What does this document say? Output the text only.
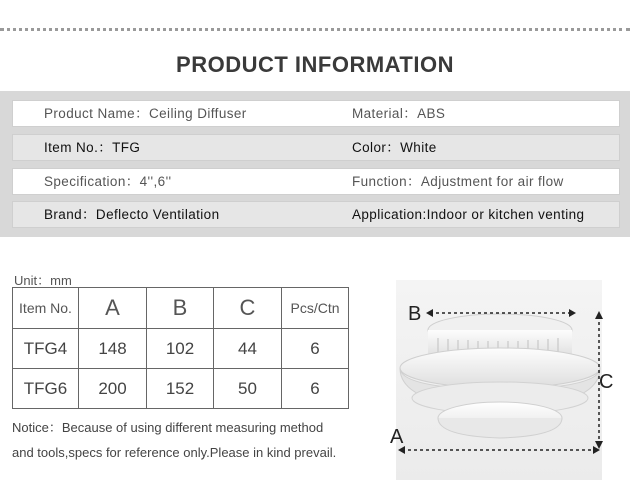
PRODUCT INFORMATION
Product Name：Ceiling Diffuser	Material：ABS
Item No.：TFG	Color：White
Specification：4'',6''	Function：Adjustment for air flow
Brand：Deflecto Ventilation	Application:Indoor or kitchen venting
Unit：mm
Item No.	A	B	C	Pcs/Ctn
TFG4	148	102	44	6
TFG6	200	152	50	6
Notice：Because of using different measuring method
and tools,specs for reference only.Please in kind prevail.
B
C
A
